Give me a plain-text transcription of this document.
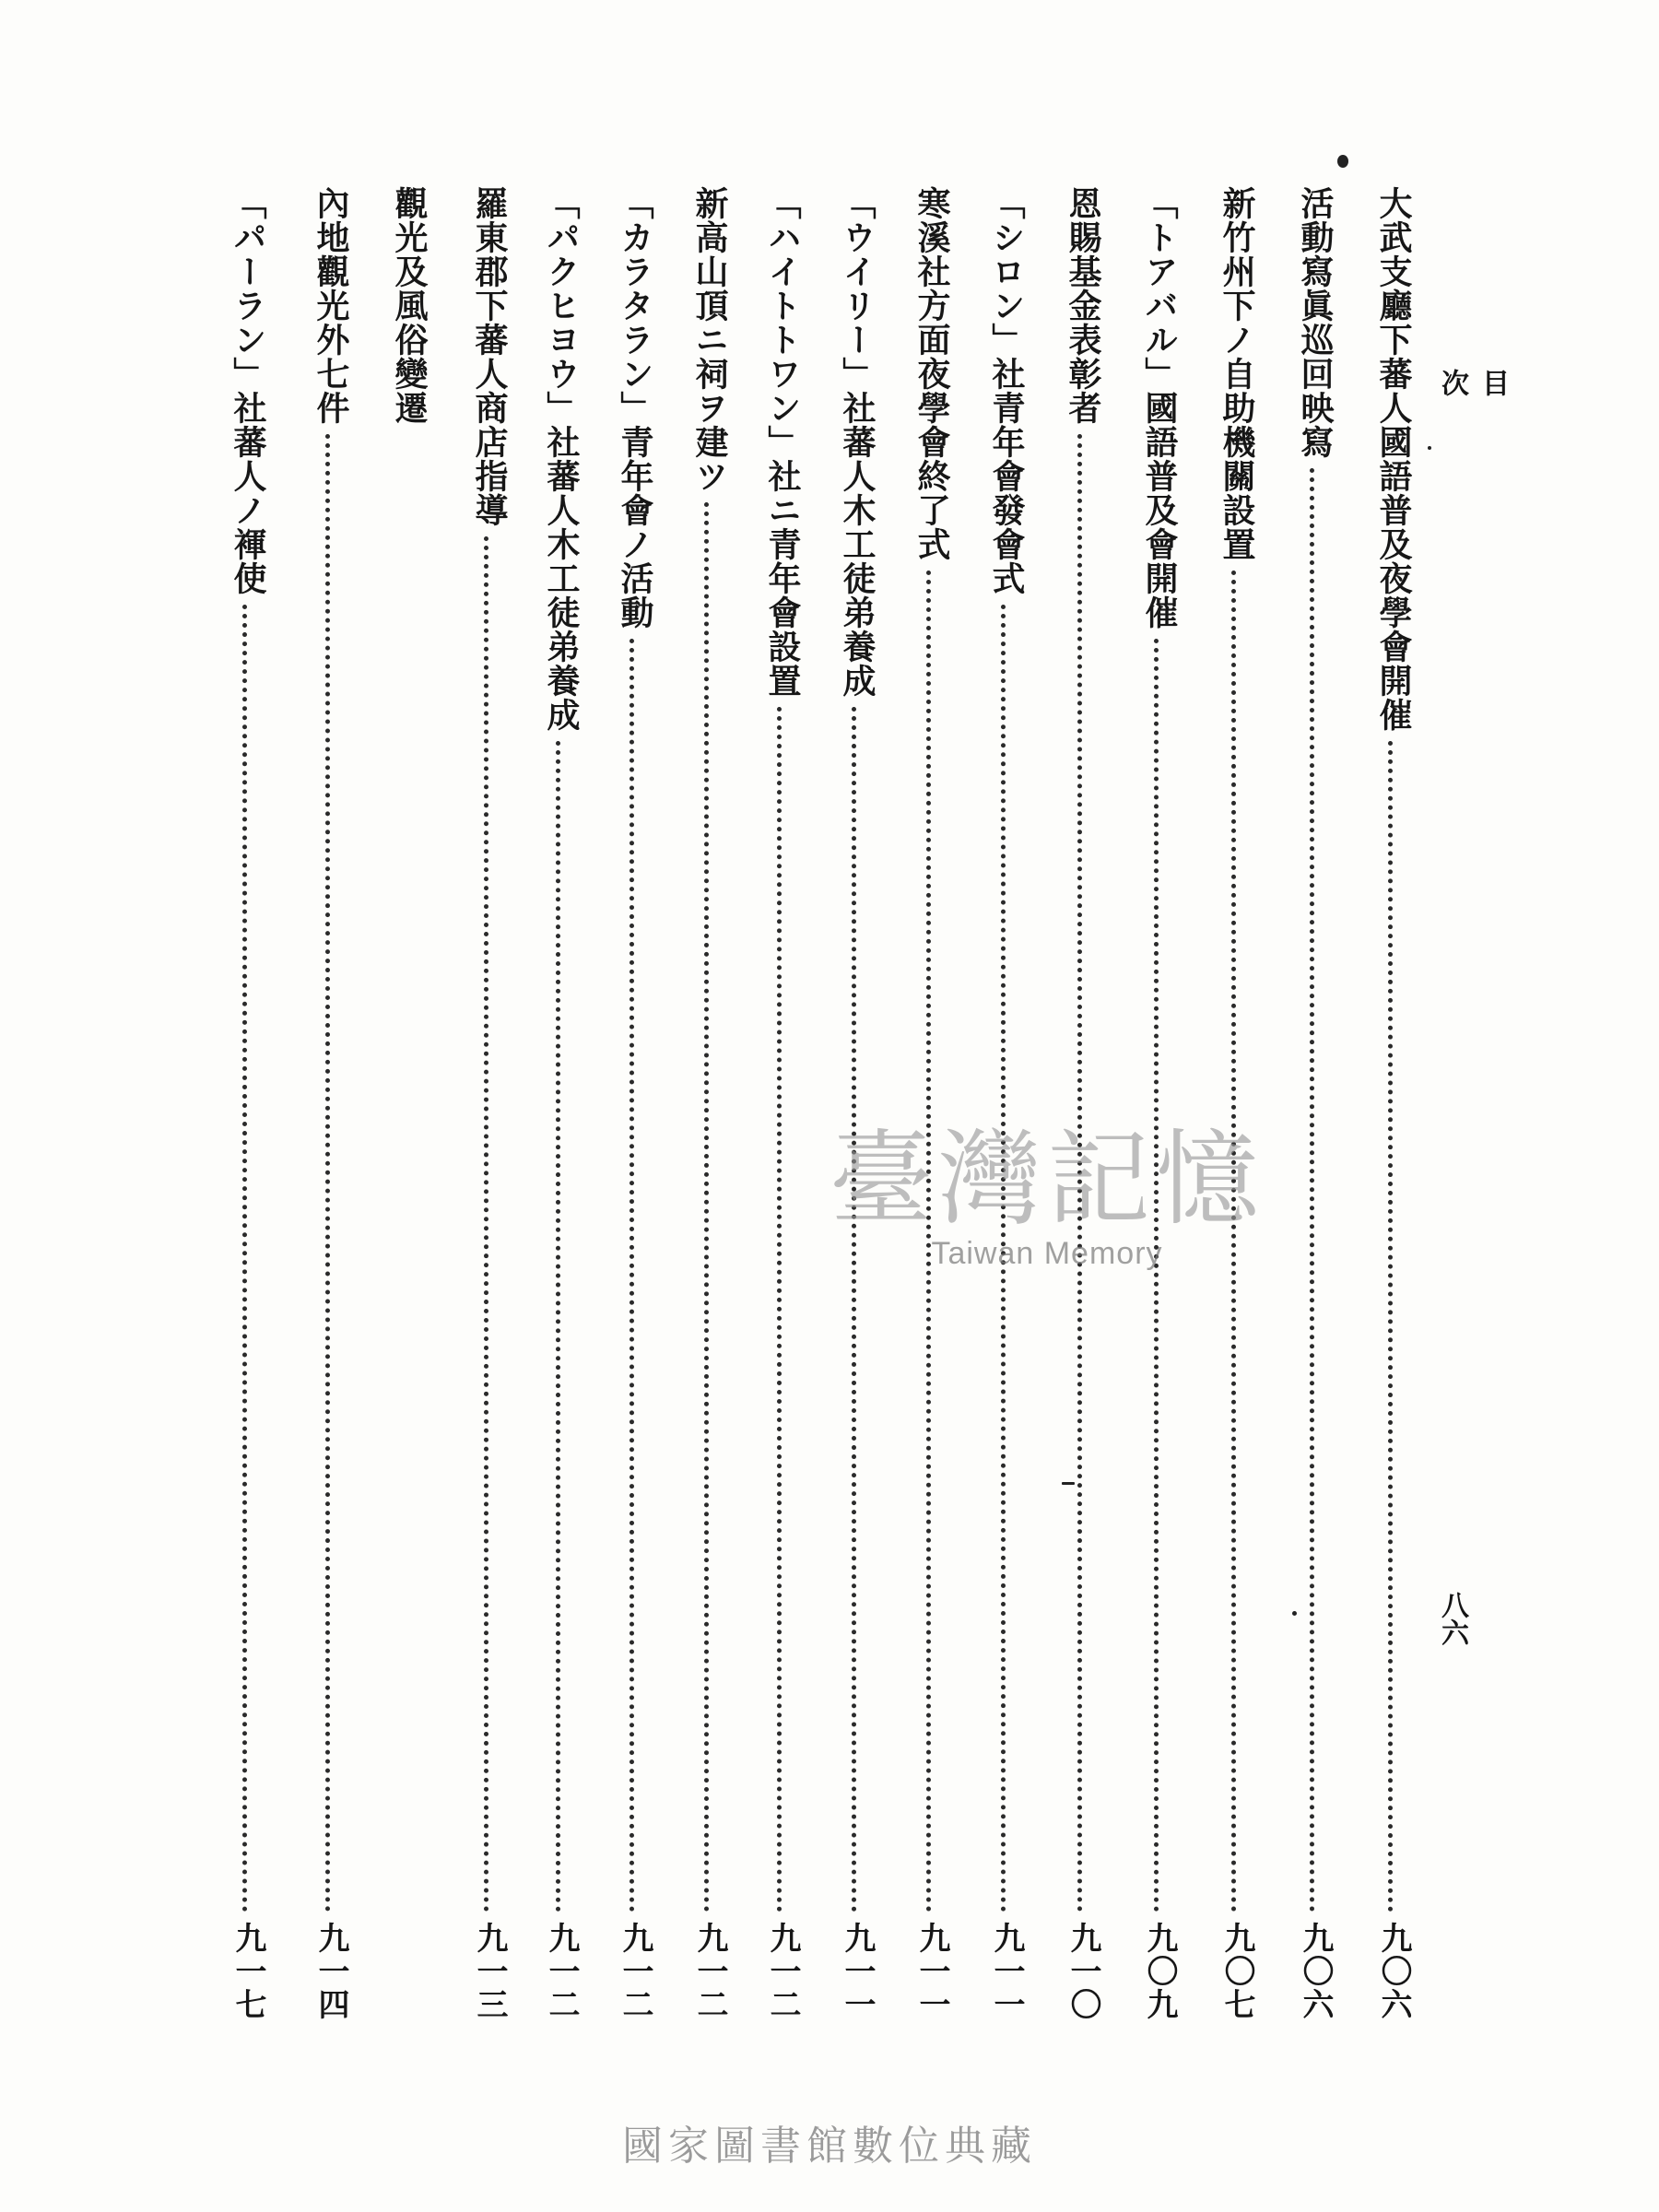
目
次
八六
大武支廳下蕃人國語普及夜學會開催
九〇六
活動寫眞巡回映寫
九〇六
新竹州下ノ自助機關設置
九〇七
「トアバル」國語普及會開催
九〇九
恩賜基金表彰者
九一〇
「シロン」社青年會發會式
九一一
寒溪社方面夜學會終了式
九一一
「ウイリー」社蕃人木工徒弟養成
九一一
「ハイトトワン」社ニ青年會設置
九一二
新高山頂ニ祠ヲ建ツ
九一二
「カラタラン」青年會ノ活動
九一二
「パクヒヨウ」社蕃人木工徒弟養成
九一二
羅東郡下蕃人商店指導
九一三
觀光及風俗變遷
內地觀光外七件
九一四
「パーラン」社蕃人ノ褌使
九一七
臺灣記憶
Taiwan Memory
國家圖書館數位典藏
